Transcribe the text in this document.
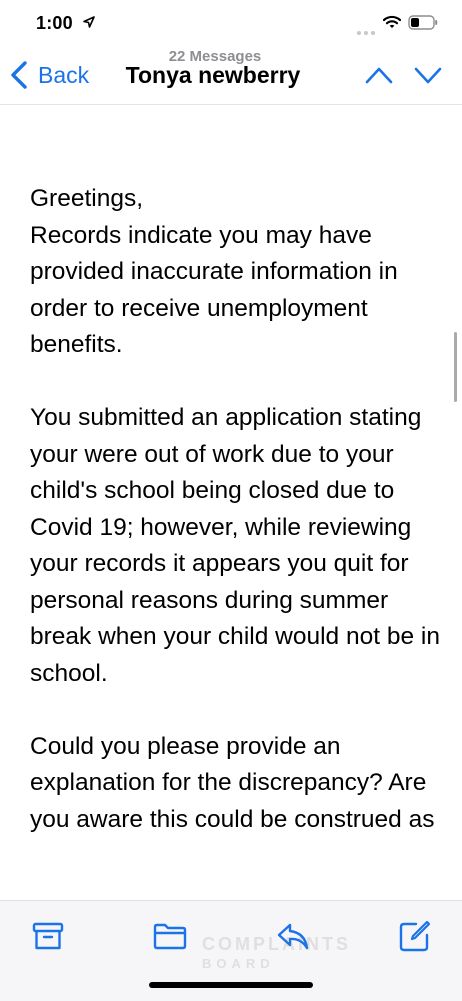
1:00
Back
22 Messages
Tonya newberry

Greetings,
Records indicate you may have provided inaccurate information in order to receive unemployment benefits.

You submitted an application stating your were out of work due to your child's school being closed due to Covid 19; however, while reviewing your records it appears you quit for personal reasons during summer break when your child would not be in school.

Could you please provide an explanation for the discrepancy? Are you aware this could be construed as

COMPLAINTS
BOARD
